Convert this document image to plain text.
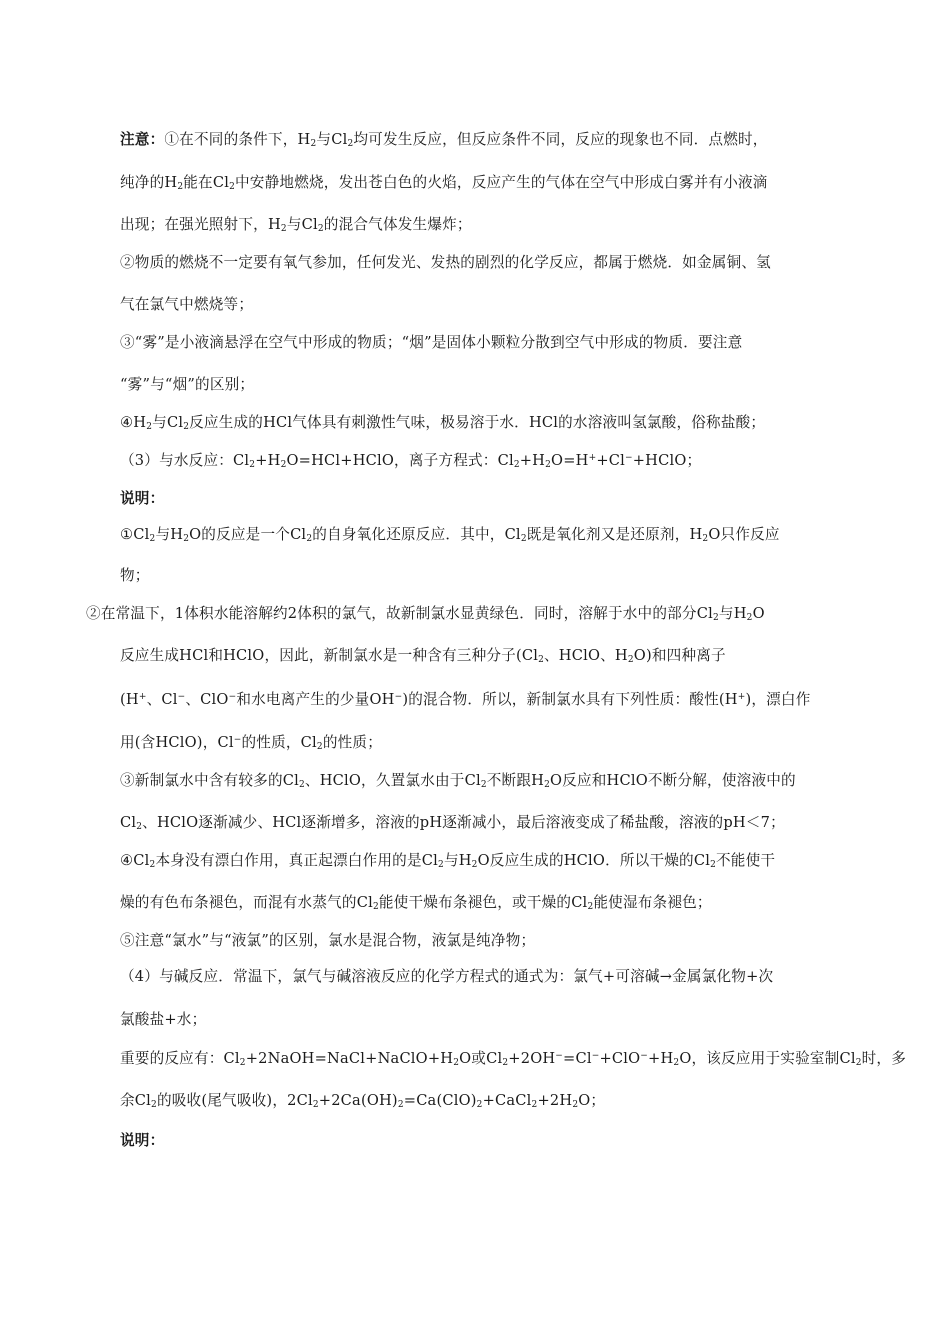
注意：①在不同的条件下，$H_2$与$Cl_2$均可发生反应，但反应条件不同，反应的现象也不同．点燃时，
纯净的$H_2$能在$Cl_2$中安静地燃烧，发出苍白色的火焰，反应产生的气体在空气中形成白雾并有小液滴
出现；在强光照射下，$H_2$与$Cl_2$的混合气体发生爆炸；
②物质的燃烧不一定要有氧气参加，任何发光、发热的剧烈的化学反应，都属于燃烧．如金属铜、氢
气在氯气中燃烧等；
③“雾”是小液滴悬浮在空气中形成的物质；“烟”是固体小颗粒分散到空气中形成的物质．要注意
“雾”与“烟”的区别；
$④H_2$与$Cl_2$反应生成的HCl气体具有刺激性气味，极易溶于水．HCl的水溶液叫氢氯酸，俗称盐酸；
（3）与水反应：$Cl_2+H_2O=HCl+HClO$，离子方程式：$Cl_2+H_2O=H^++Cl^-+HClO$；
说明：
$①Cl_2$与$H_2O$的反应是一个$Cl_2$的自身氧化还原反应．其中，$Cl_2$既是氧化剂又是还原剂，$H_2O$只作反应
物；
②在常温下，1体积水能溶解约2体积的氯气，故新制氯水显黄绿色．同时，溶解于水中的部分$Cl_2$与$H_2O$
反应生成HCl和HClO，因此，新制氯水是一种含有三种分子($Cl_2$、HClO、$H_2O$)和四种离子
(H+、Cl−、ClO−和水电离产生的少量OH−)的混合物．所以，新制氯水具有下列性质：酸性(H+)，漂白作
用(含HClO)，Cl−的性质，$Cl_2$的性质；
③新制氯水中含有较多的$Cl_2$、HClO，久置氯水由于$Cl_2$不断跟$H_2O$反应和HClO不断分解，使溶液中的
$Cl_2$、HClO逐渐减少、HCl逐渐增多，溶液的pH逐渐减小，最后溶液变成了稀盐酸，溶液的pH＜7；
$④Cl_2$本身没有漂白作用，真正起漂白作用的是$Cl_2$与$H_2O$反应生成的HClO．所以干燥的$Cl_2$不能使干
燥的有色布条褪色，而混有水蒸气的$Cl_2$能使干燥布条褪色，或干燥的$Cl_2$能使湿布条褪色；
⑤注意“氯水”与“液氯”的区别，氯水是混合物，液氯是纯净物；
（4）与碱反应．常温下，氯气与碱溶液反应的化学方程式的通式为：氯气+可溶碱→金属氯化物+次
氯酸盐+水；
重要的反应有：$Cl_2+2NaOH=NaCl+NaClO+H_2O$或$Cl_2+2OH^-=Cl^-+ClO^-+H_2O$，该反应用于实验室制$Cl_2$时，多
余$Cl_2$的吸收(尾气吸收)，$2Cl_2+2Ca(OH)_2=Ca(ClO)_2+CaCl_2+2H_2O$；
说明：
